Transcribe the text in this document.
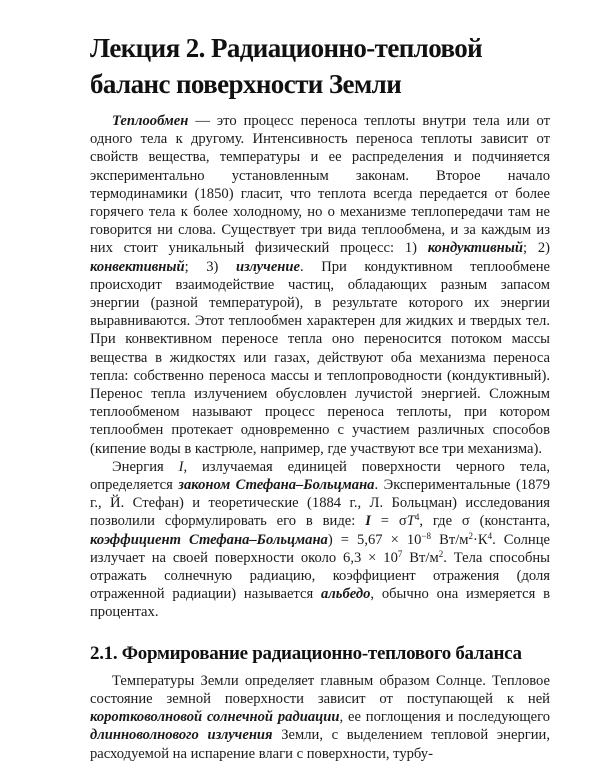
Лекция 2. Радиационно-тепловой баланс поверхности Земли

Теплообмен — это процесс переноса теплоты внутри тела или от одного тела к другому. Интенсивность переноса теплоты зависит от свойств вещества, температуры и ее распределения и подчиняется экспериментально установленным законам. Второе начало термодинамики (1850) гласит, что теплота всегда передается от более горячего тела к более холодному, но о механизме теплопередачи там не говорится ни слова. Существует три вида теплообмена, и за каждым из них стоит уникальный физический процесс: 1) кондуктивный; 2) конвективный; 3) излучение. При кондуктивном теплообмене происходит взаимодействие частиц, обладающих разным запасом энергии (разной температурой), в результате которого их энергии выравниваются. Этот теплообмен характерен для жидких и твердых тел. При конвективном переносе тепла оно переносится потоком массы вещества в жидкостях или газах, действуют оба механизма переноса тепла: собственно переноса массы и теплопроводности (кондуктивный). Перенос тепла излучением обусловлен лучистой энергией. Сложным теплообменом называют процесс переноса теплоты, при котором теплообмен протекает одновременно с участием различных способов (кипение воды в кастрюле, например, где участвуют все три механизма).

Энергия I, излучаемая единицей поверхности черного тела, определяется законом Стефана–Больцмана. Экспериментальные (1879 г., Й. Стефан) и теоретические (1884 г., Л. Больцман) исследования позволили сформулировать его в виде: $I = \sigma T^4$, где σ (константа, коэффициент Стефана–Больцмана) = $5,67 \times 10^{-8}$ $Вт/м^2\cdot К^4$. Солнце излучает на своей поверхности около $6,3 \times 10^7$ $Вт/м^2$. Тела способны отражать солнечную радиацию, коэффициент отражения (доля отраженной радиации) называется альбедо, обычно она измеряется в процентах.

2.1. Формирование радиационно-теплового баланса

Температуры Земли определяет главным образом Солнце. Тепловое состояние земной поверхности зависит от поступающей к ней коротковолновой солнечной радиации, ее поглощения и последующего длинноволнового излучения Земли, с выделением тепловой энергии, расходуемой на испарение влаги с поверхности, турбу-
